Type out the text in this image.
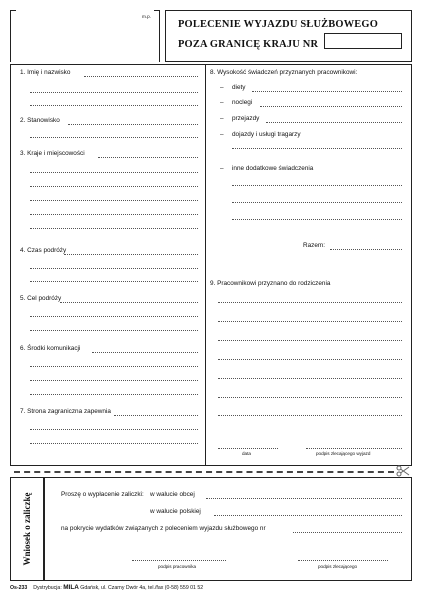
m.p.
POLECENIE WYJAZDU SŁUŻBOWEGO
POZA GRANICĘ KRAJU NR
1. Imię i nazwisko
2. Stanowisko
3. Kraje i miejscowości
4. Czas podróży
5. Cel podróży
6. Środki komunikacji
7. Strona zagraniczna zapewnia
8. Wysokość świadczeń przyznanych pracownikowi:
– diety
– noclegi
– przejazdy
– dojazdy i usługi tragarzy
– inne dodatkowe świadczenia
Razem:
9. Pracownikowi przyznano do rodziczenia
data	podpis zlecającego wyjazd
Wniosek o zaliczkę	Proszę o wypłacenie zaliczki: w walucie obcej
w walucie polskiej
na pokrycie wydatków związanych z poleceniem wyjazdu służbowego nr
podpis pracownika	podpis zlecającego
Os-233 Dystrybucja: MILA Gdańsk, ul. Czarny Dwór 4a, tel./fax (0-58) 559 01 52
